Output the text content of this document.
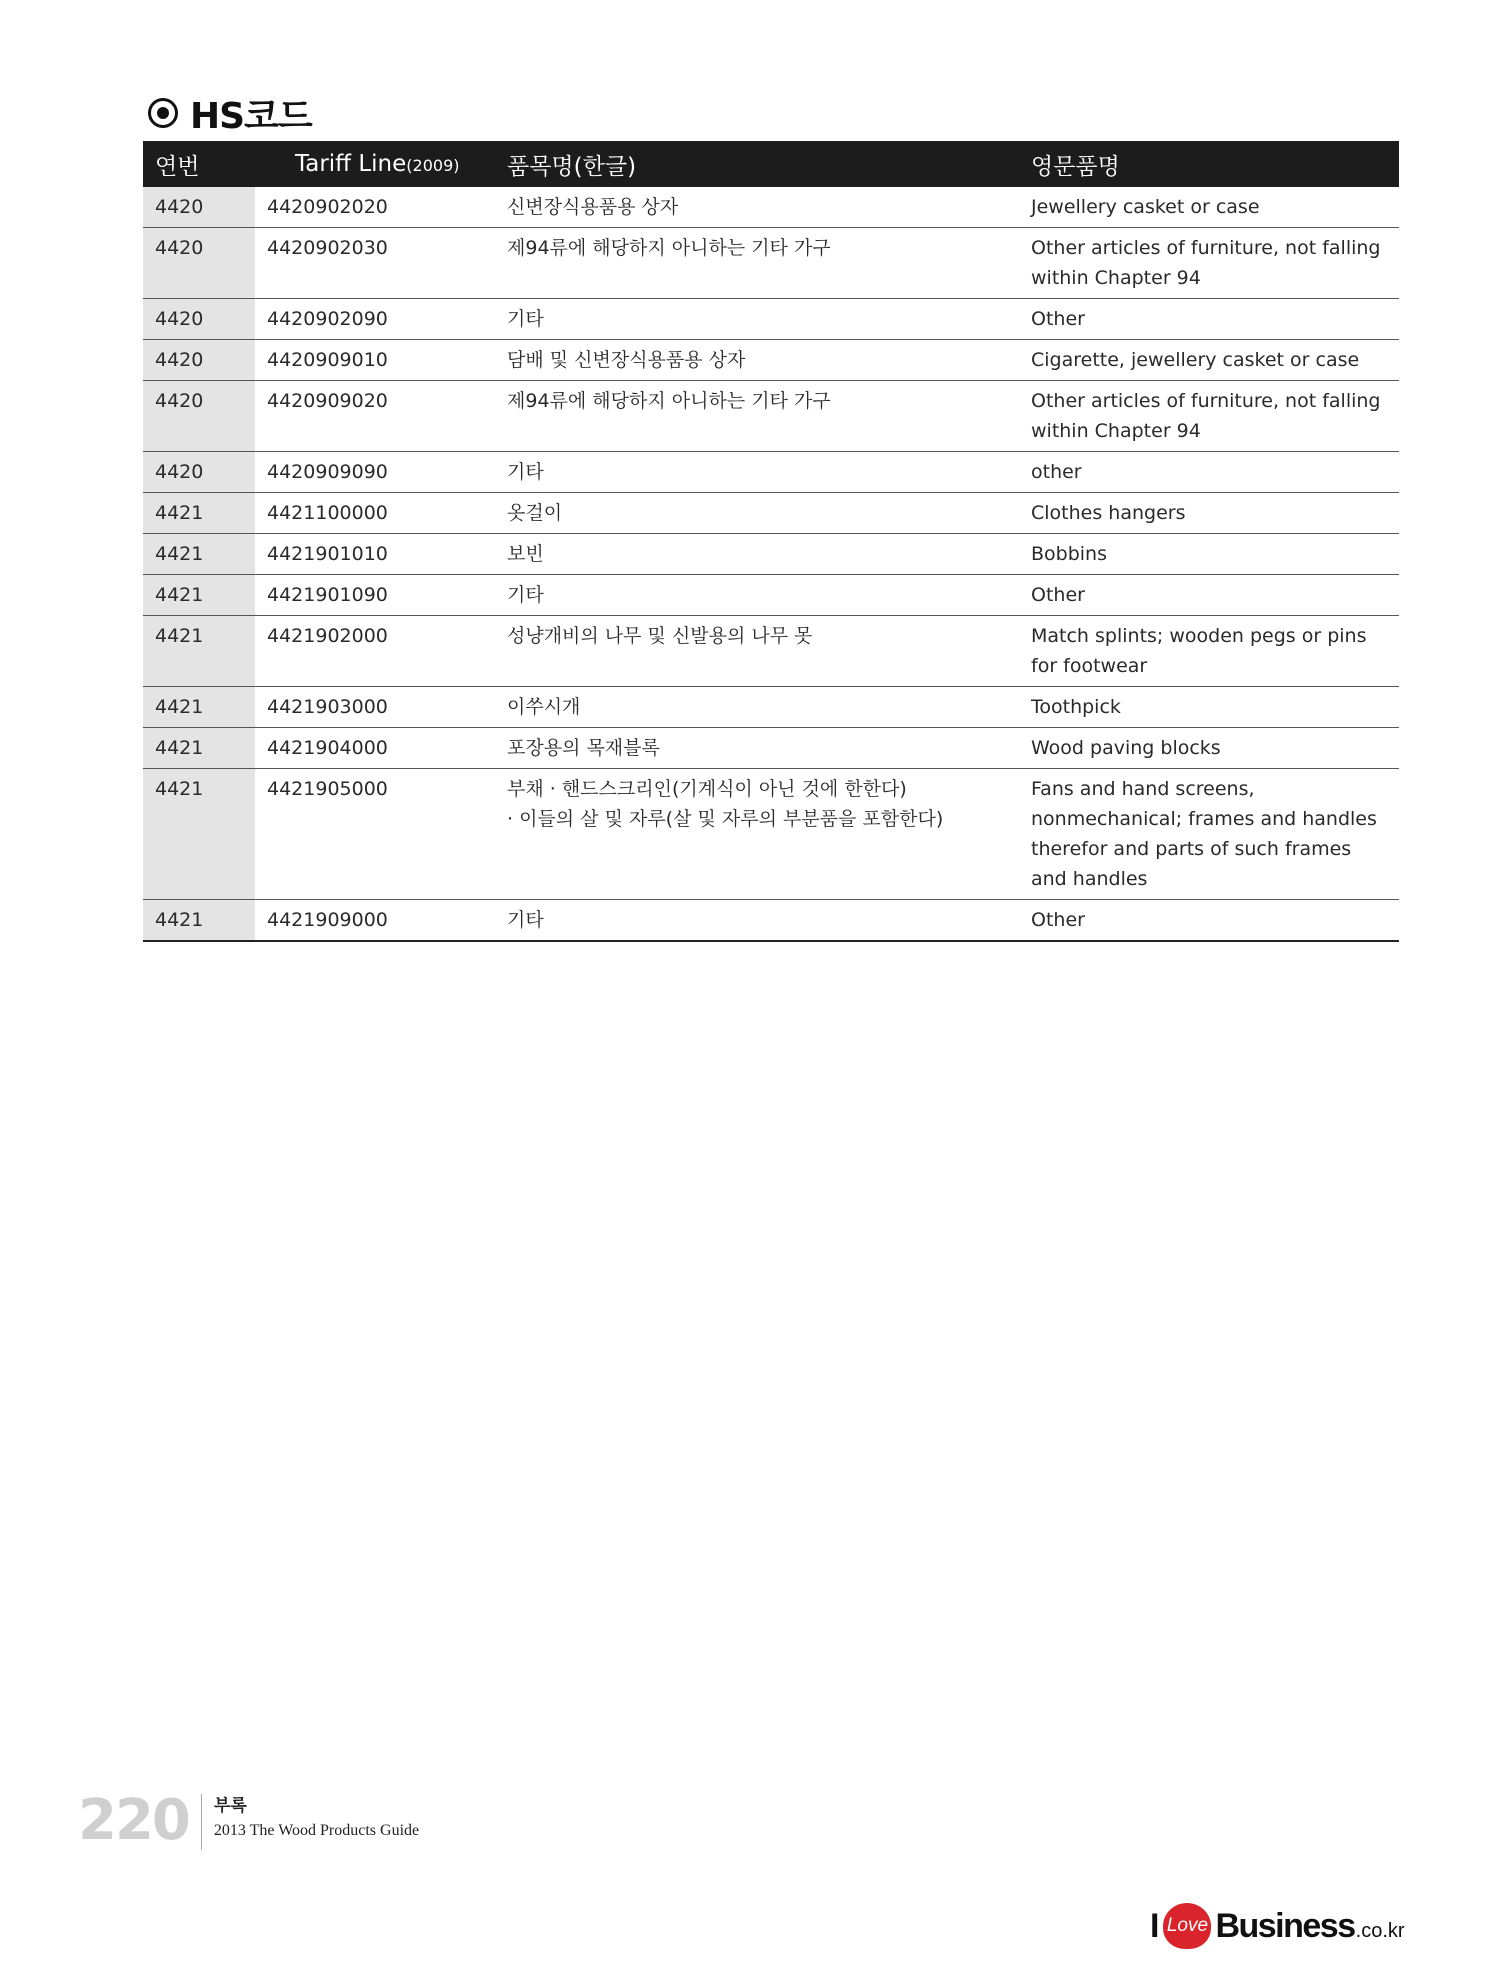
HS코드
연번	Tariff Line(2009)	품목명(한글)	영문품명
4420	4420902020	신변장식용품용 상자	Jewellery casket or case

4420	4420902030	제94류에 해당하지 아니하는 기타 가구	Other articles of furniture, not falling
within Chapter 94

4420	4420902090	기타	Other

4420	4420909010	담배 및 신변장식용품용 상자	Cigarette, jewellery casket or case

4420	4420909020	제94류에 해당하지 아니하는 기타 가구	Other articles of furniture, not falling
within Chapter 94

4420	4420909090	기타	other

4421	4421100000	옷걸이	Clothes hangers

4421	4421901010	보빈	Bobbins

4421	4421901090	기타	Other

4421	4421902000	성냥개비의 나무 및 신발용의 나무 못	Match splints; wooden pegs or pins
for footwear

4421	4421903000	이쑤시개	Toothpick

4421	4421904000	포장용의 목재블록	Wood paving blocks

4421	4421905000	부채 · 핸드스크리인(기계식이 아닌 것에 한한다)
· 이들의 살 및 자루(살 및 자루의 부분품을 포함한다)	Fans and hand screens,
nonmechanical; frames and handles
therefor and parts of such frames
and handles

4421	4421909000	기타	Other
220 부록
2013 The Wood Products Guide
I Love Business .co.kr
